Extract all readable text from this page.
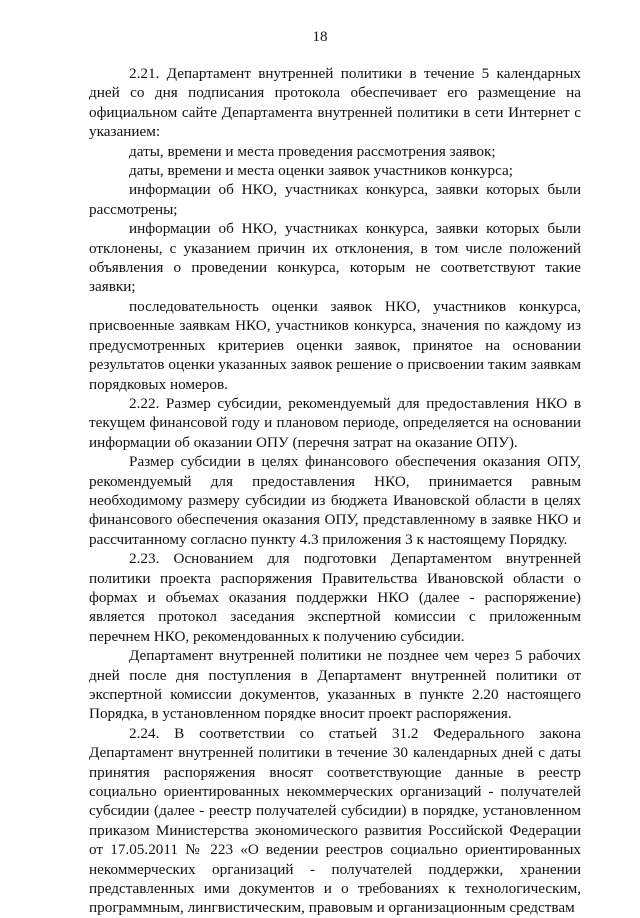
18

2.21. Департамент внутренней политики в течение 5 календарных дней со дня подписания протокола обеспечивает его размещение на официальном сайте Департамента внутренней политики в сети Интернет с указанием:

даты, времени и места проведения рассмотрения заявок;

даты, времени и места оценки заявок участников конкурса;

информации об НКО, участниках конкурса, заявки которых были рассмотрены;

информации об НКО, участниках конкурса, заявки которых были отклонены, с указанием причин их отклонения, в том числе положений объявления о проведении конкурса, которым не соответствуют такие заявки;

последовательность оценки заявок НКО, участников конкурса, присвоенные заявкам НКО, участников конкурса, значения по каждому из предусмотренных критериев оценки заявок, принятое на основании результатов оценки указанных заявок решение о присвоении таким заявкам порядковых номеров.

2.22. Размер субсидии, рекомендуемый для предоставления НКО в текущем финансовой году и плановом периоде, определяется на основании информации об оказании ОПУ (перечня затрат на оказание ОПУ).

Размер субсидии в целях финансового обеспечения оказания ОПУ, рекомендуемый для предоставления НКО, принимается равным необходимому размеру субсидии из бюджета Ивановской области в целях финансового обеспечения оказания ОПУ, представленному в заявке НКО и рассчитанному согласно пункту 4.3 приложения 3 к настоящему Порядку.

2.23. Основанием для подготовки Департаментом внутренней политики проекта распоряжения Правительства Ивановской области о формах и объемах оказания поддержки НКО (далее - распоряжение) является протокол заседания экспертной комиссии с приложенным перечнем НКО, рекомендованных к получению субсидии.

Департамент внутренней политики не позднее чем через 5 рабочих дней после дня поступления в Департамент внутренней политики от экспертной комиссии документов, указанных в пункте 2.20 настоящего Порядка, в установленном порядке вносит проект распоряжения.

2.24. В соответствии со статьей 31.2 Федерального закона Департамент внутренней политики в течение 30 календарных дней с даты принятия распоряжения вносят соответствующие данные в реестр социально ориентированных некоммерческих организаций - получателей субсидии (далее - реестр получателей субсидии) в порядке, установленном приказом Министерства экономического развития Российской Федерации от 17.05.2011 № 223 «О ведении реестров социально ориентированных некоммерческих организаций - получателей поддержки, хранении представленных ими документов и о требованиях к технологическим, программным, лингвистическим, правовым и организационным средствам
